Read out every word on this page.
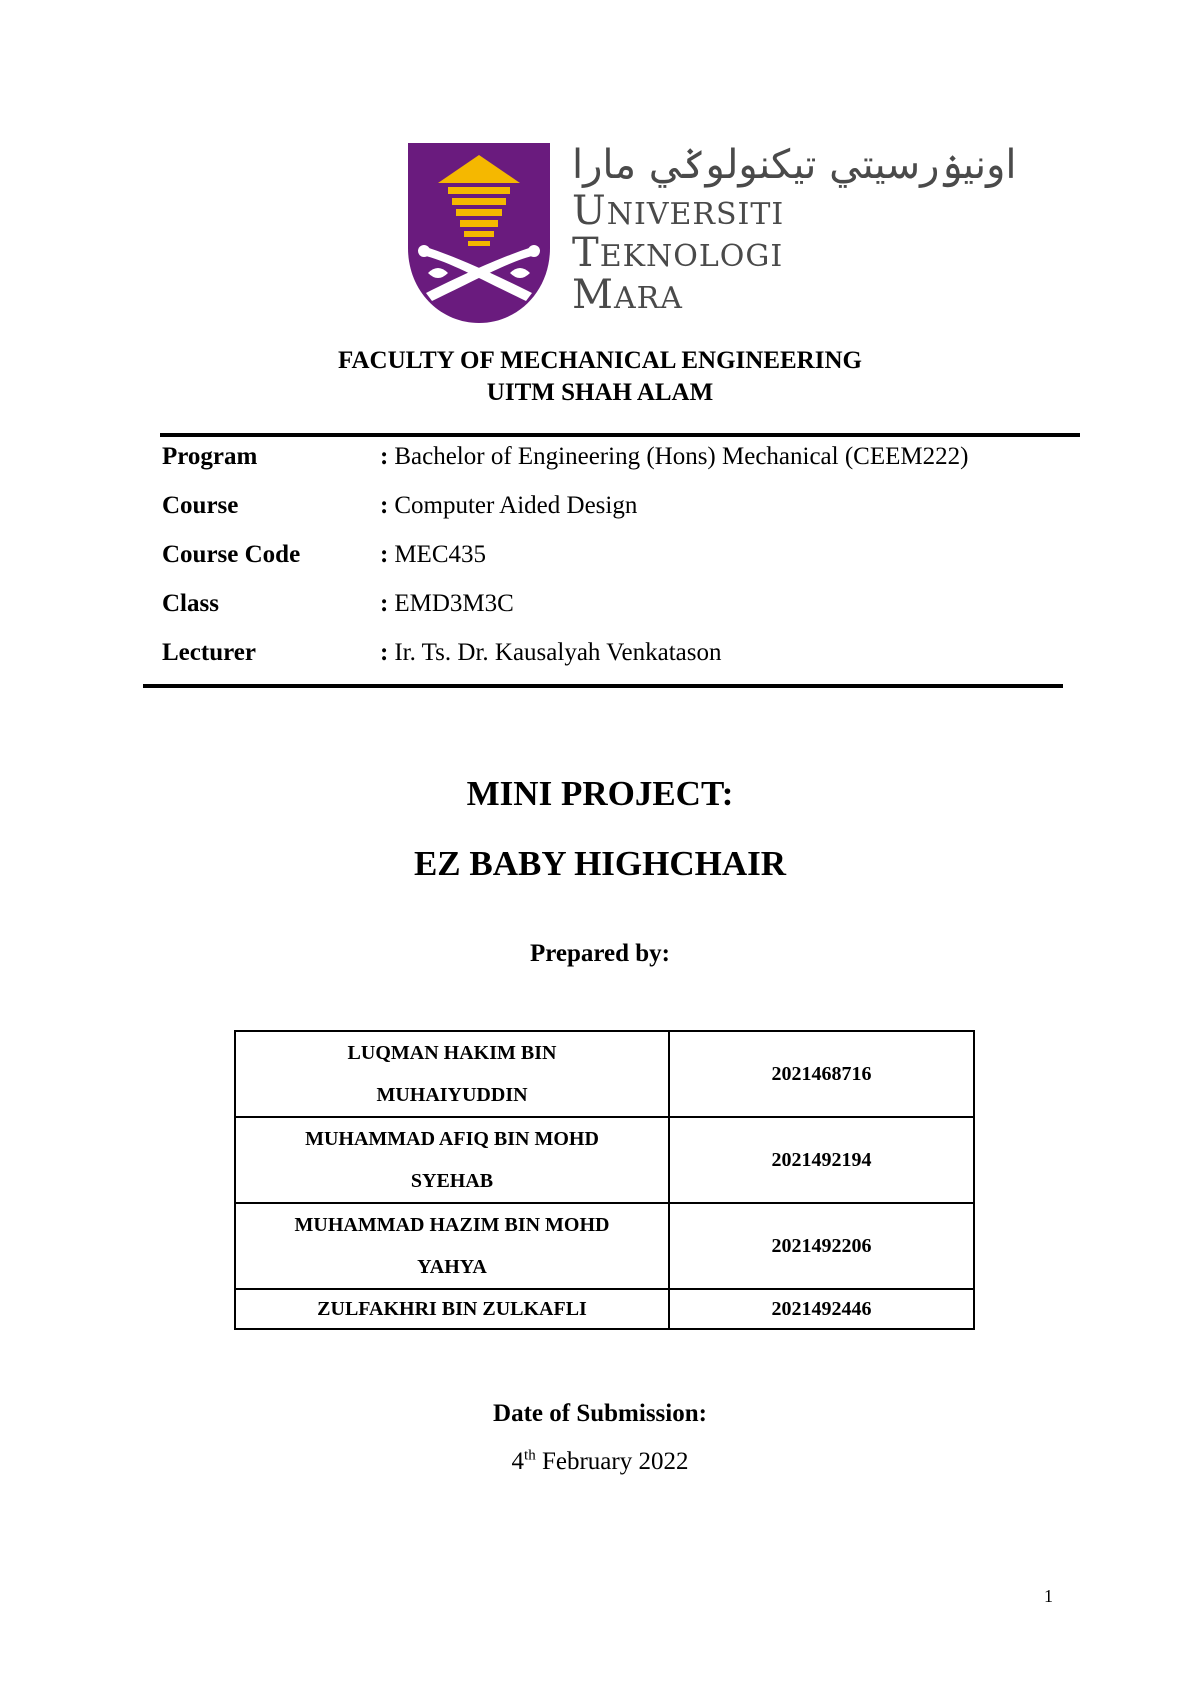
اونيۏرسيتي تيکنولوݢي مارا
UNIVERSITI
TEKNOLOGI
MARA
FACULTY OF MECHANICAL ENGINEERING
UITM SHAH ALAM
Program	: Bachelor of Engineering (Hons) Mechanical (CEEM222)
Course	: Computer Aided Design
Course Code	: MEC435
Class	: EMD3M3C
Lecturer	: Ir. Ts. Dr. Kausalyah Venkatason
MINI PROJECT:
EZ BABY HIGHCHAIR
Prepared by:
LUQMAN HAKIM BIN
MUHAIYUDDIN	2021468716
MUHAMMAD AFIQ BIN MOHD
SYEHAB	2021492194
MUHAMMAD HAZIM BIN MOHD
YAHYA	2021492206
ZULFAKHRI BIN ZULKAFLI	2021492446
Date of Submission:
4th February 2022
1
